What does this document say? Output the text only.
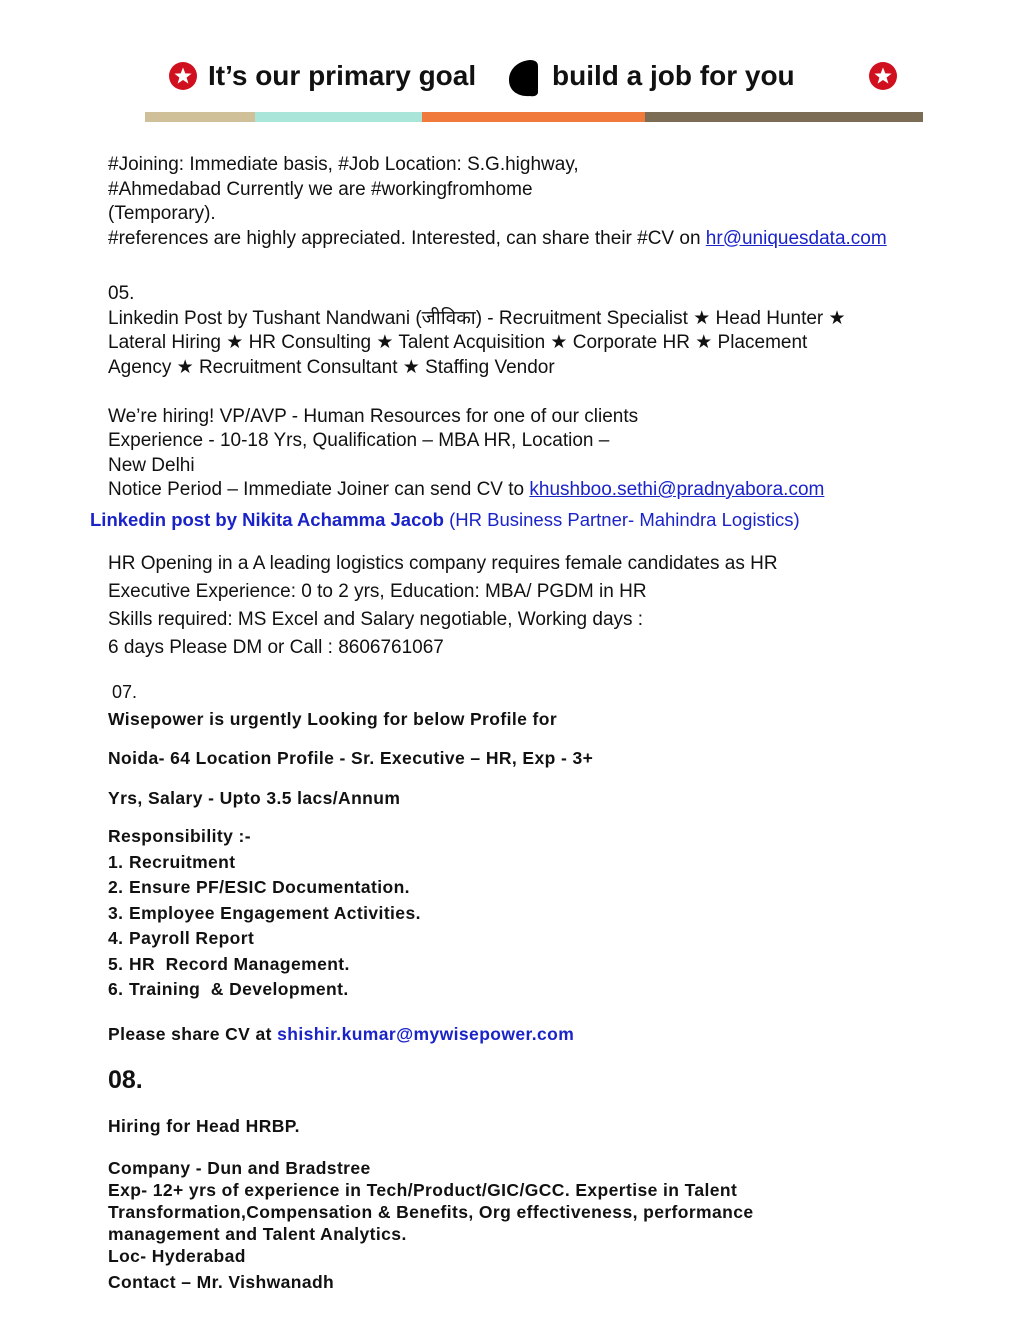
It’s our primary goal	build a job for you

#Joining: Immediate basis, #Job Location: S.G.highway,

#Ahmedabad Currently we are #workingfromhome

(Temporary).

#references are highly appreciated. Interested, can share their #CV on hr@uniquesdata.com

05.

Linkedin Post by Tushant Nandwani (जीविका) - Recruitment Specialist ★ Head Hunter ★

Lateral Hiring ★ HR Consulting ★ Talent Acquisition ★ Corporate HR ★ Placement

Agency ★ Recruitment Consultant ★ Staffing Vendor

We’re hiring! VP/AVP - Human Resources for one of our clients

Experience - 10-18 Yrs, Qualification – MBA HR, Location –

New Delhi

Notice Period – Immediate Joiner can send CV to khushboo.sethi@pradnyabora.com

Linkedin post by Nikita Achamma Jacob (HR Business Partner- Mahindra Logistics)

HR Opening in a A leading logistics company requires female candidates as HR

Executive Experience: 0 to 2 yrs, Education: MBA/ PGDM in HR

Skills required: MS Excel and Salary negotiable, Working days :

6 days Please DM or Call : 8606761067

07.
Wisepower is urgently Looking for below Profile for
Noida- 64 Location Profile - Sr. Executive – HR, Exp - 3+
Yrs, Salary - Upto 3.5 lacs/Annum

Responsibility :-

1. Recruitment
2. Ensure PF/ESIC Documentation.
3. Employee Engagement Activities.
4. Payroll Report
5. HR  Record Management.
6. Training  & Development.
Please share CV at shishir.kumar@mywisepower.com
08.
Hiring for Head HRBP.

Company - Dun and Bradstree

Exp- 12+ yrs of experience in Tech/Product/GIC/GCC. Expertise in Talent

Transformation,Compensation & Benefits, Org effectiveness, performance

management and Talent Analytics.

Loc- Hyderabad

Contact – Mr. Vishwanadh
